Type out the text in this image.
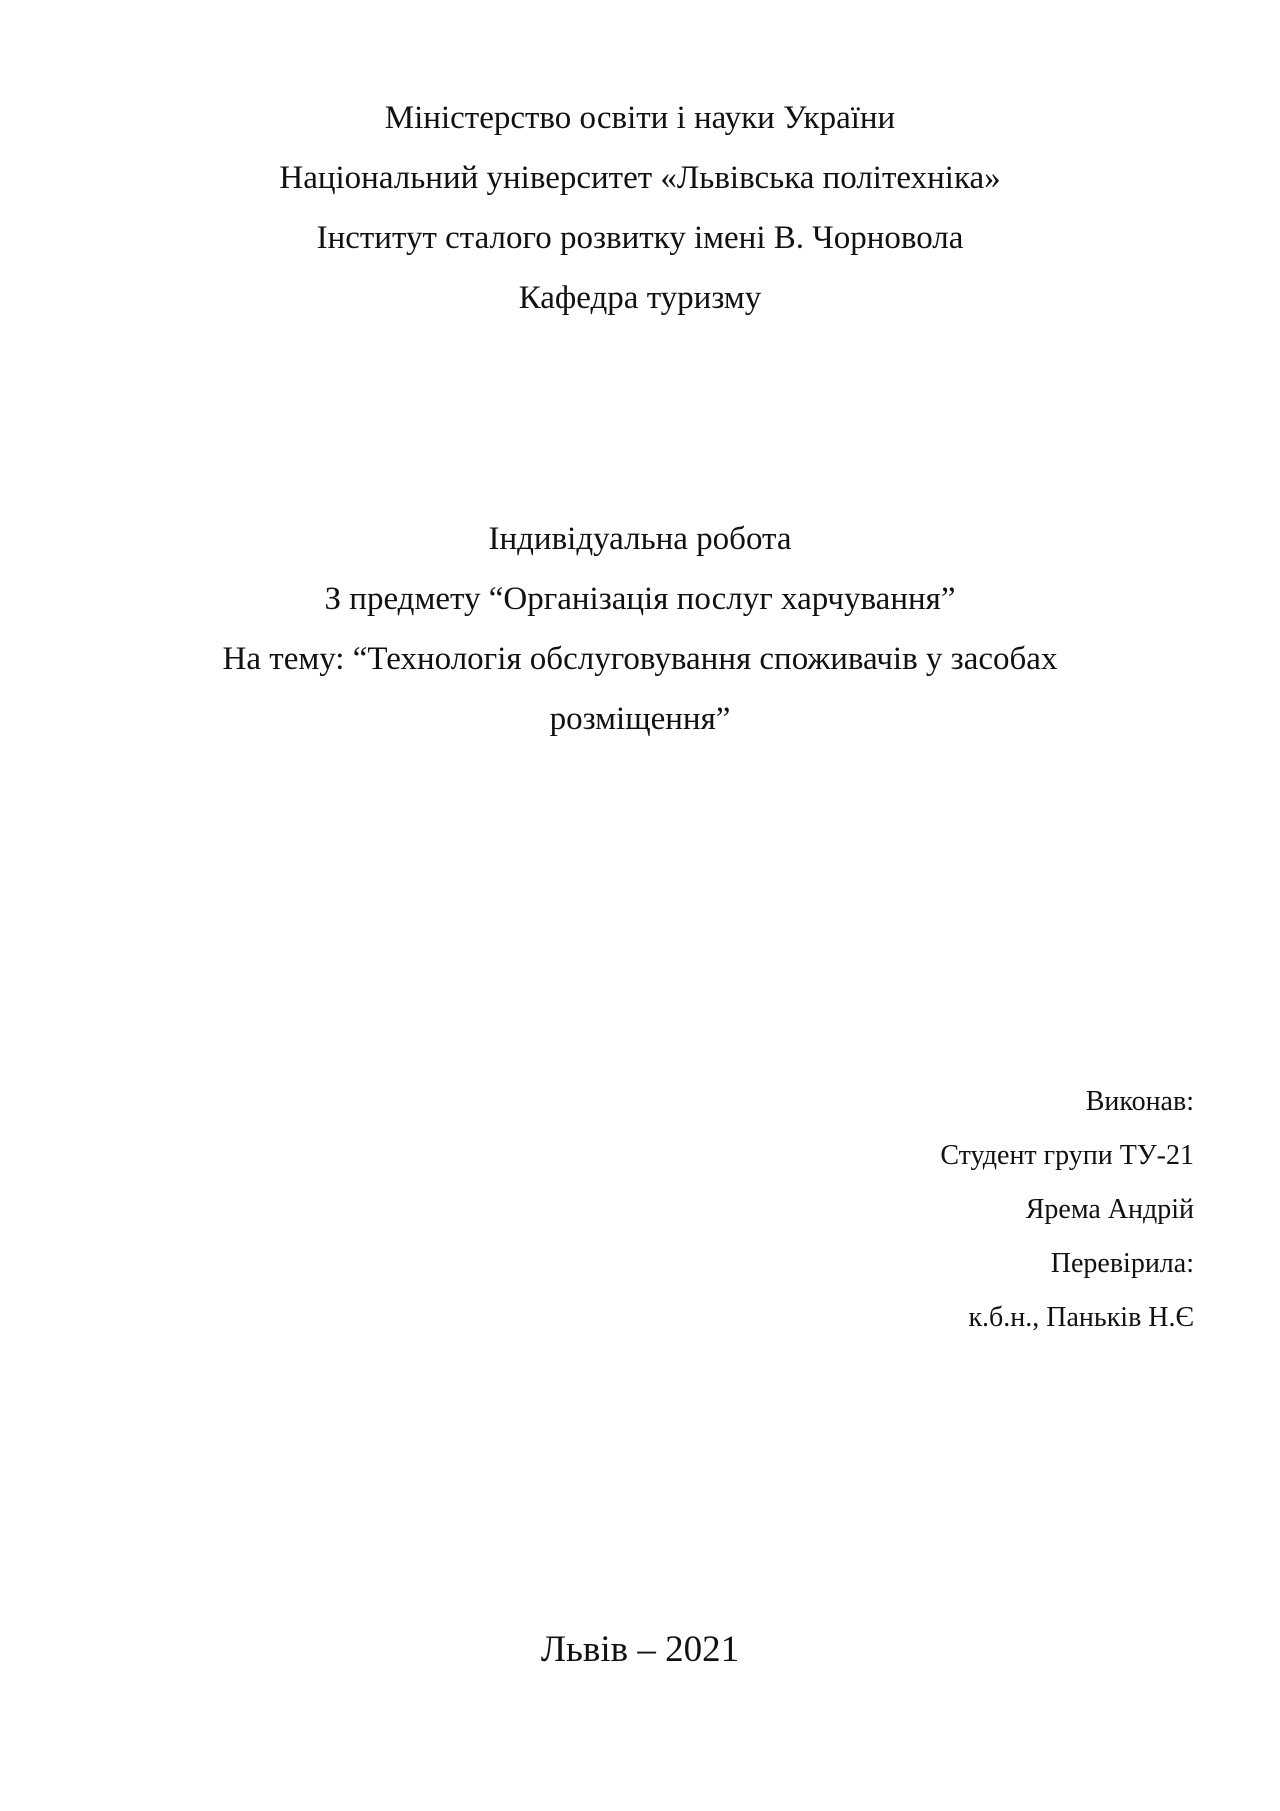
Міністерство освіти і науки України
Національний університет «Львівська політехніка»
Інститут сталого розвитку імені В. Чорновола
Кафедра туризму
Індивідуальна робота
З предмету “Організація послуг харчування”
На тему: “Технологія обслуговування споживачів у засобах
розміщення”
Виконав:
Студент групи ТУ-21
Ярема Андрій
Перевірила:
к.б.н., Паньків Н.Є
Львів – 2021
